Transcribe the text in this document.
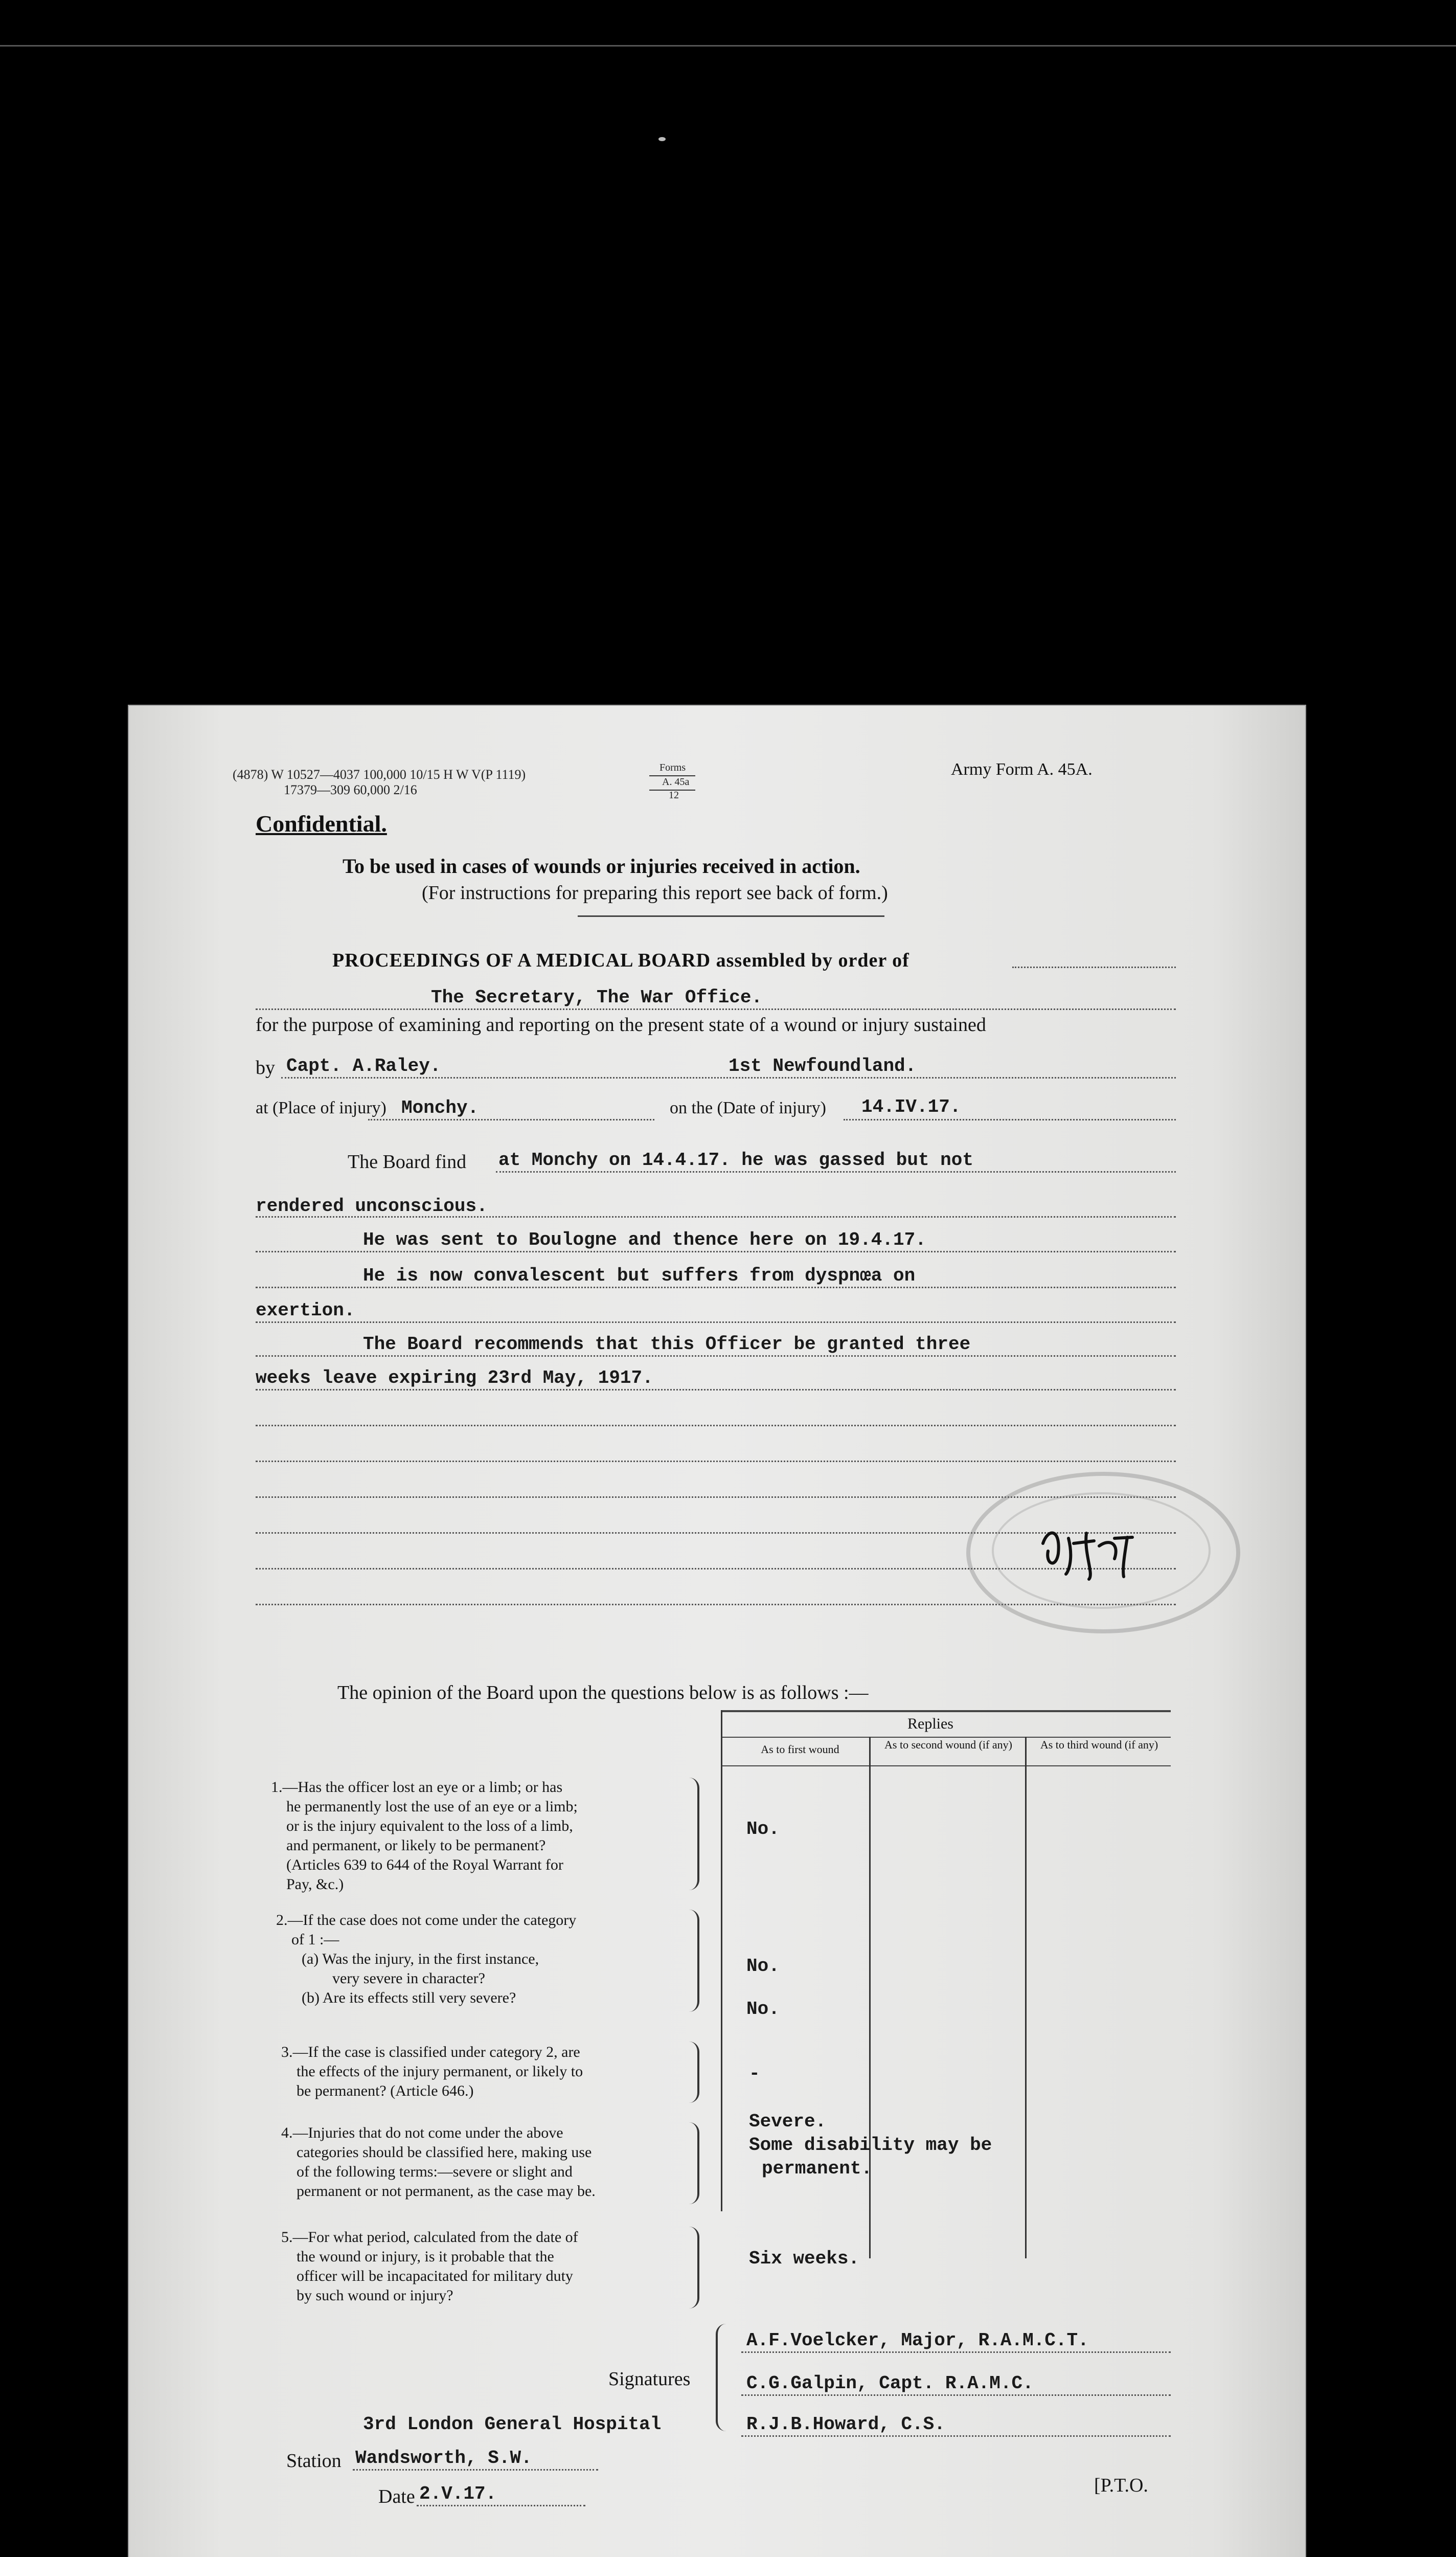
(4878) W 10527—4037 100,000 10/15 H W V(P 1119)
17379—309 60,000 2/16
Forms
A. 45a
12
Army Form A. 45A.
Confidential.
To be used in cases of wounds or injuries received in action.
(For instructions for preparing this report see back of form.)
PROCEEDINGS OF A MEDICAL BOARD assembled by order of
The Secretary, The War Office.
for the purpose of examining and reporting on the present state of a wound or injury sustained
by Capt. A.Raley.	1st Newfoundland.
at (Place of injury) Monchy.	on the (Date of injury) 14.IV.17.
The Board find at Monchy on 14.4.17. he was gassed but not
rendered unconscious.
He was sent to Boulogne and thence here on 19.4.17.
He is now convalescent but suffers from dyspnœa on
exertion.
The Board recommends that this Officer be granted three
weeks leave expiring 23rd May, 1917.
The opinion of the Board upon the questions below is as follows :—
Replies
As to first wound	As to second wound (if any)	As to third wound (if any)
1.—Has the officer lost an eye or a limb; or has
he permanently lost the use of an eye or a limb;
or is the injury equivalent to the loss of a limb,
and permanent, or likely to be permanent?
(Articles 639 to 644 of the Royal Warrant for
Pay, &c.)
No.
2.—If the case does not come under the category
of 1 :—
(a) Was the injury, in the first instance,
very severe in character?
(b) Are its effects still very severe?
No.
No.
3.—If the case is classified under category 2, are
the effects of the injury permanent, or likely to
be permanent? (Article 646.)
-
4.—Injuries that do not come under the above
categories should be classified here, making use
of the following terms:—severe or slight and
permanent or not permanent, as the case may be.
Severe.
Some disability may be
permanent.
5.—For what period, calculated from the date of
the wound or injury, is it probable that the
officer will be incapacitated for military duty
by such wound or injury?
Six weeks.
Signatures
A.F.Voelcker, Major, R.A.M.C.T.
C.G.Galpin, Capt. R.A.M.C.
3rd London General Hospital	R.J.B.Howard, C.S.
Station Wandsworth, S.W.
Date 2.V.17.	[P.T.O.
